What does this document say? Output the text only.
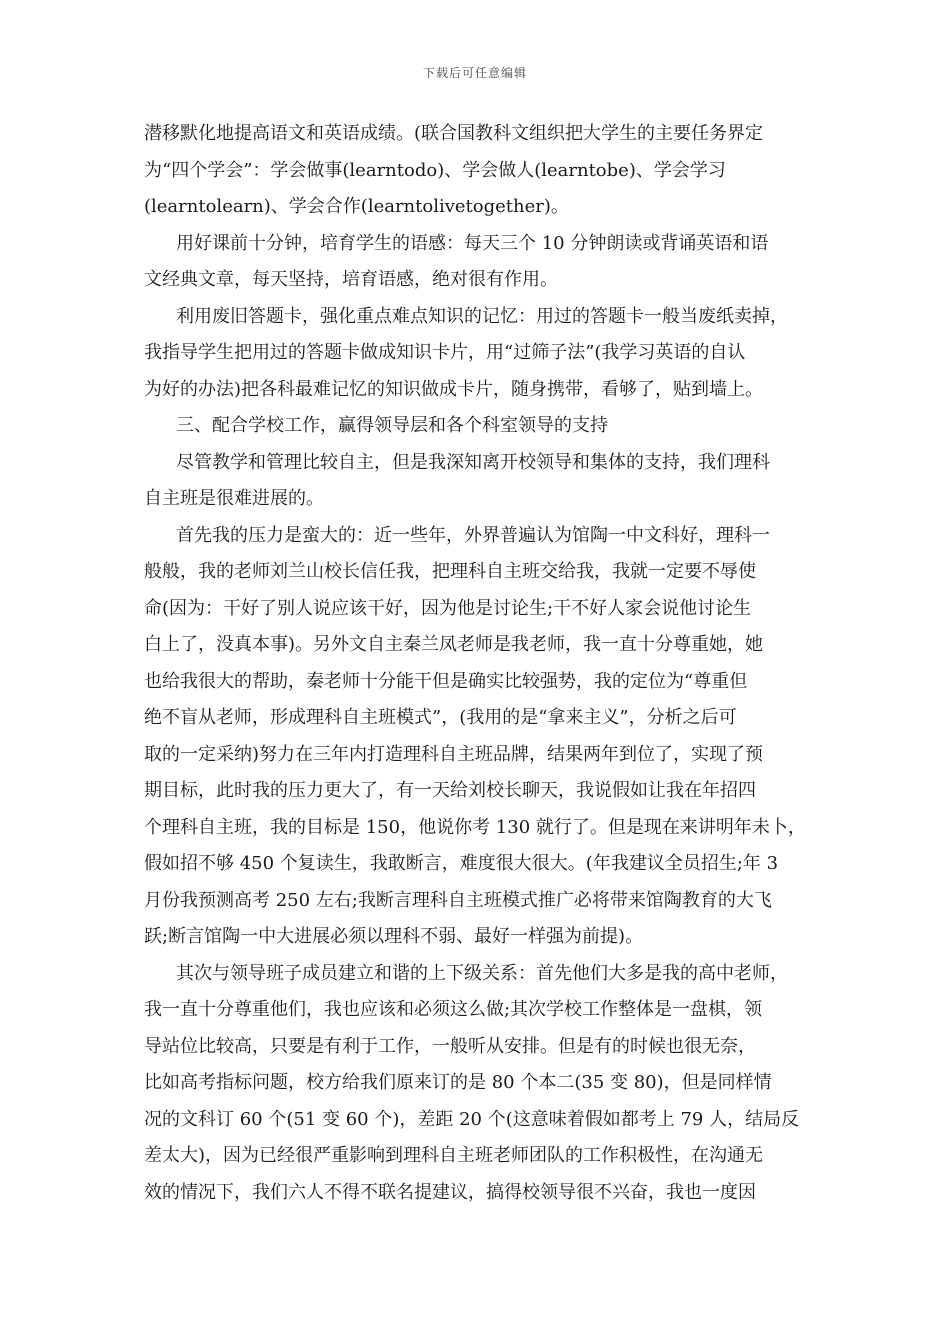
下载后可任意编辑
潜移默化地提高语文和英语成绩。(联合国教科文组织把大学生的主要任务界定
为“四个学会”：学会做事(learntodo)、学会做人(learntobe)、学会学习
(learntolearn)、学会合作(learntolivetogether)。
用好课前十分钟，培育学生的语感：每天三个 10 分钟朗读或背诵英语和语
文经典文章，每天坚持，培育语感，绝对很有作用。
利用废旧答题卡，强化重点难点知识的记忆：用过的答题卡一般当废纸卖掉，
我指导学生把用过的答题卡做成知识卡片，用“过筛子法”(我学习英语的自认
为好的办法)把各科最难记忆的知识做成卡片，随身携带，看够了，贴到墙上。
三、配合学校工作，赢得领导层和各个科室领导的支持
尽管教学和管理比较自主，但是我深知离开校领导和集体的支持，我们理科
自主班是很难进展的。
首先我的压力是蛮大的：近一些年，外界普遍认为馆陶一中文科好，理科一
般般，我的老师刘兰山校长信任我，把理科自主班交给我，我就一定要不辱使
命(因为：干好了别人说应该干好，因为他是讨论生;干不好人家会说他讨论生
白上了，没真本事)。另外文自主秦兰凤老师是我老师，我一直十分尊重她，她
也给我很大的帮助，秦老师十分能干但是确实比较强势，我的定位为“尊重但
绝不盲从老师，形成理科自主班模式”，(我用的是“拿来主义”，分析之后可
取的一定采纳)努力在三年内打造理科自主班品牌，结果两年到位了，实现了预
期目标，此时我的压力更大了，有一天给刘校长聊天，我说假如让我在年招四
个理科自主班，我的目标是 150，他说你考 130 就行了。但是现在来讲明年未卜，
假如招不够 450 个复读生，我敢断言，难度很大很大。(年我建议全员招生;年 3
月份我预测高考 250 左右;我断言理科自主班模式推广必将带来馆陶教育的大飞
跃;断言馆陶一中大进展必须以理科不弱、最好一样强为前提)。
其次与领导班子成员建立和谐的上下级关系：首先他们大多是我的高中老师，
我一直十分尊重他们，我也应该和必须这么做;其次学校工作整体是一盘棋，领
导站位比较高，只要是有利于工作，一般听从安排。但是有的时候也很无奈，
比如高考指标问题，校方给我们原来订的是 80 个本二(35 变 80)，但是同样情
况的文科订 60 个(51 变 60 个)，差距 20 个(这意味着假如都考上 79 人，结局反
差太大)，因为已经很严重影响到理科自主班老师团队的工作积极性，在沟通无
效的情况下，我们六人不得不联名提建议，搞得校领导很不兴奋，我也一度因
